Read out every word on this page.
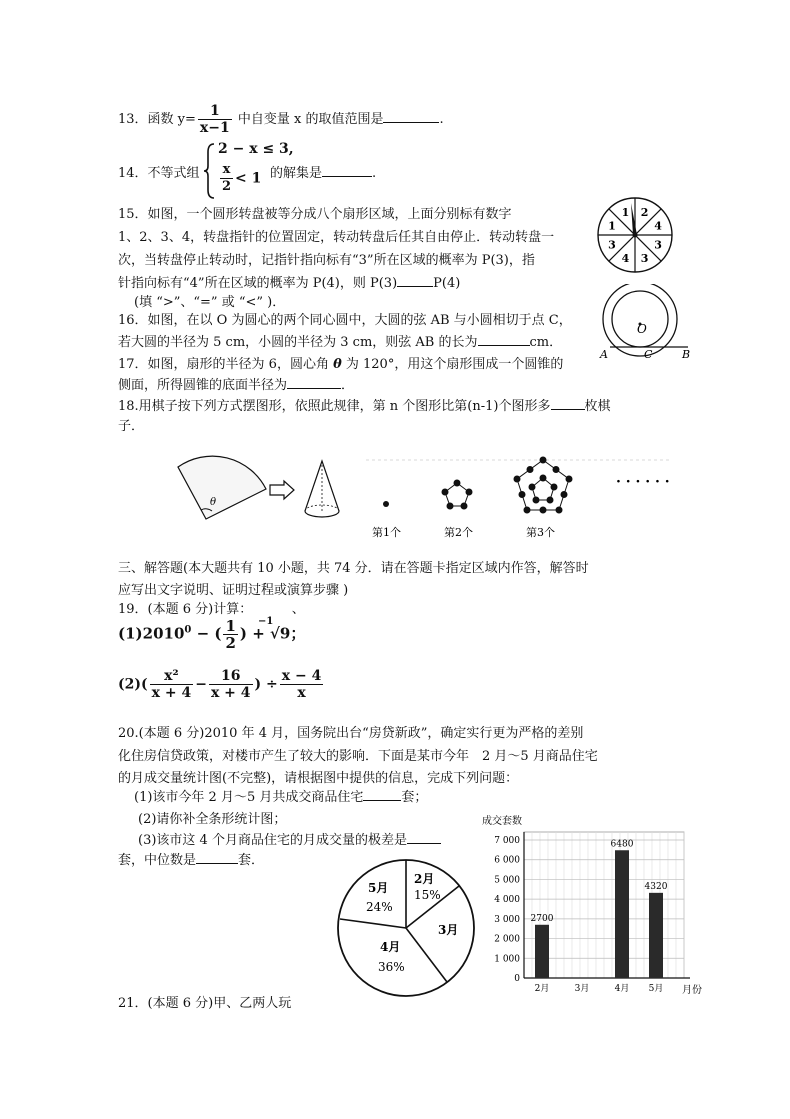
13．函数 $y= \frac{1}{x-1}$ 中自变量 x 的取值范围是	.
14．不等式组
2 − x ≤ 3,
$\frac{x}{2} < 1$ 的解集是	.
15．如图，一个圆形转盘被等分成八个扇形区域，上面分别标有数字
1、2、3、4，转盘指针的位置固定，转动转盘后任其自由停止．转动转盘一
次，当转盘停止转动时，记指针指向标有“3”所在区域的概率为 P(3)，指
针指向标有“4”所在区域的概率为 P(4)，则 P(3)	P(4)
(填 “>”、“=” 或 “<” )．
2
4
3
3
4
3
1
1
16．如图，在以 O 为圆心的两个同心圆中，大圆的弦 AB 与小圆相切于点 C，
若大圆的半径为 5 cm，小圆的半径为 3 cm，则弦 AB 的长为	cm．
O
A	C	B
17．如图，扇形的半径为 6，圆心角 θ 为 120°，用这个扇形围成一个圆锥的
侧面，所得圆锥的底面半径为	．
18.用棋子按下列方式摆图形，依照此规律，第 n 个图形比第(n-1)个图形多	枚棋
子．
θ
· · · · · ·
第1个	第2个	第3个
三、解答题(本大题共有 10 小题，共 74 分．请在答题卡指定区域内作答，解答时
应写出文字说明、证明过程或演算步骤 )
19．(本题 6 分)计算：	、
$(1)2010^0$ − ( $\frac{1}{2}$ ) + √9；
−1
$(2)( \frac{\text{x²}}{x + 4} - \frac{16}{x + 4}$ ) ÷ $\frac{x - 4}{x}$
20.(本题 6 分)2010 年 4 月，国务院出台“房贷新政”，确定实行更为严格的差别
化住房信贷政策，对楼市产生了较大的影响．下面是某市今年　2 月～5 月商品住宅
的月成交量统计图(不完整)，请根据图中提供的信息，完成下列问题：
(1)该市今年 2 月～5 月共成交商品住宅	套；
(2)请你补全条形统计图；
(3)该市这 4 个月商品住宅的月成交量的极差是
套，中位数是	套．
2月
15%
3月
4月
36%
5月
24%
成交套数
2700
6480
4320
0
1 000
2 000
3 000
4 000
5 000
6 000
7 000
2月	3月	4月 5月 月份
21．(本题 6 分)甲、乙两人玩
